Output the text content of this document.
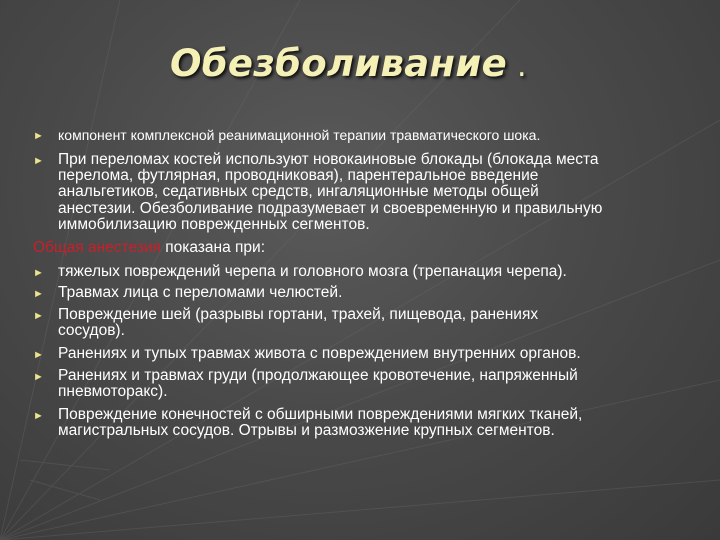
Обезболивание .
► компонент комплексной реанимационной терапии травматического шока.
► При переломах костей используют новокаиновые блокады (блокада места
перелома, футлярная, проводниковая), парентеральное введение
анальгетиков, седативных средств, ингаляционные методы общей
анестезии. Обезболивание подразумевает и своевременную и правильную
иммобилизацию поврежденных сегментов.
Общая анестезия показана при:
► тяжелых повреждений черепа и головного мозга (трепанация черепа).
► Травмах лица с переломами челюстей.
► Повреждение шей (разрывы гортани, трахей, пищевода, ранениях
сосудов).
► Ранениях и тупых травмах живота с повреждением внутренних органов.
► Ранениях и травмах груди (продолжающее кровотечение, напряженный
пневмоторакс).
► Повреждение конечностей с обширными повреждениями мягких тканей,
магистральных сосудов. Отрывы и размозжение крупных сегментов.
